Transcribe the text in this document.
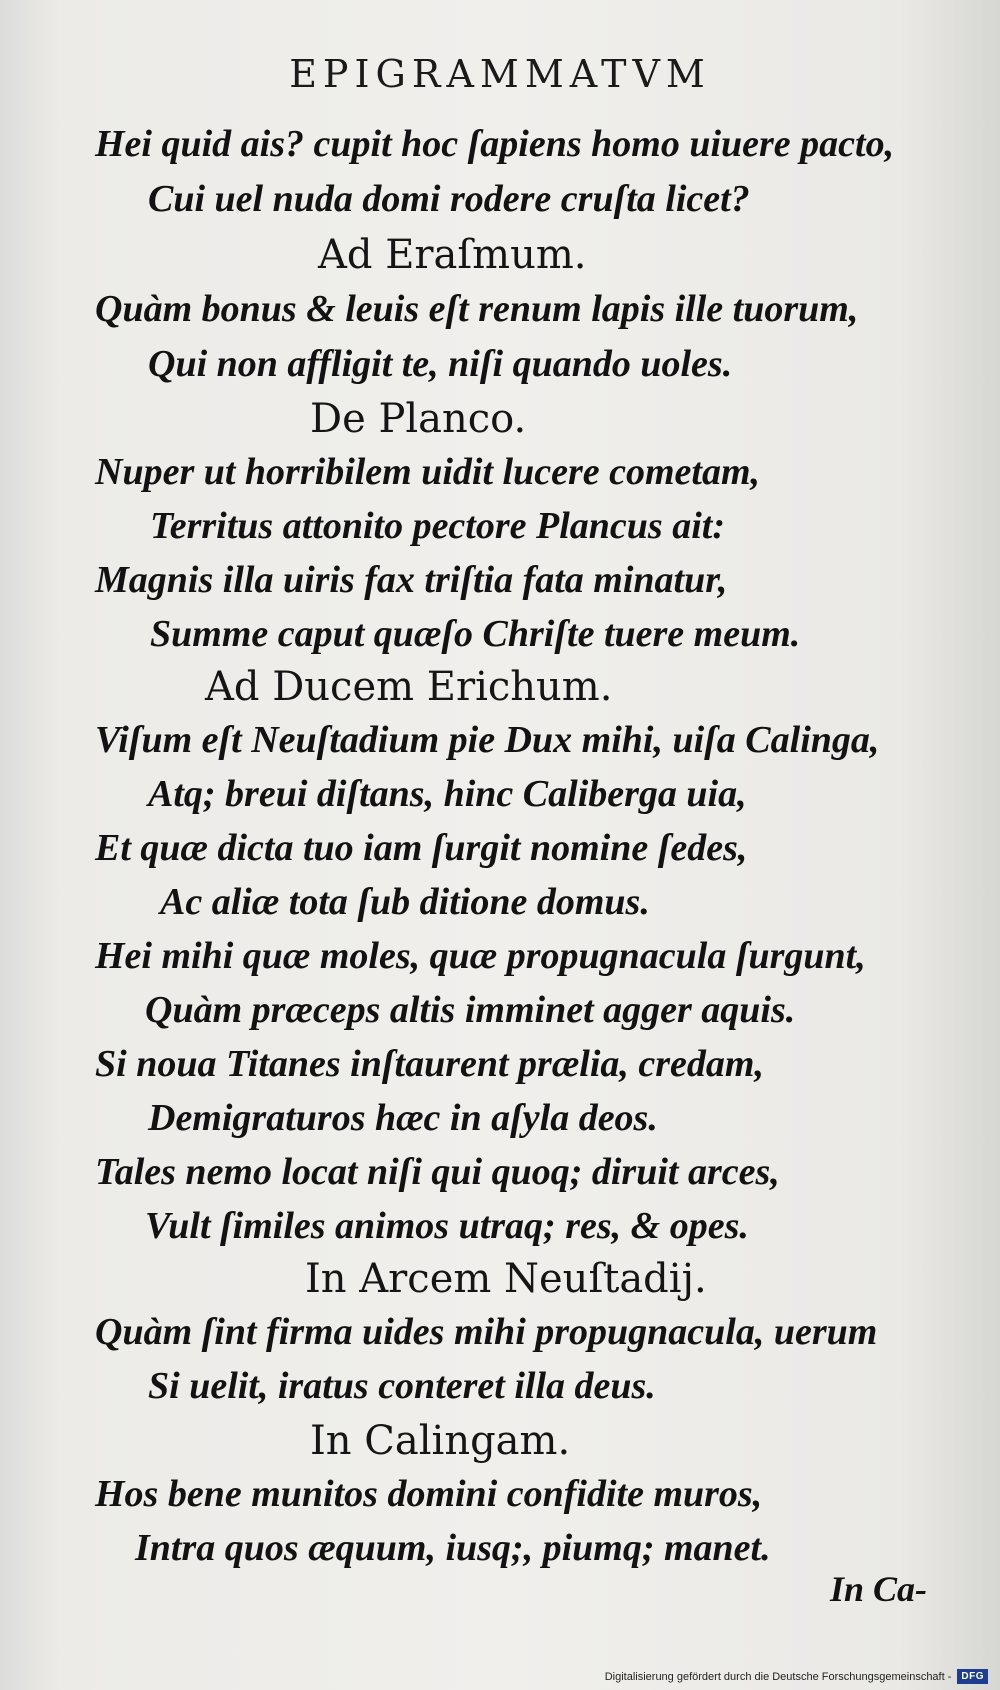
EPIGRAMMATVM
Hei quid ais? cupit hoc ſapiens homo uiuere pacto,
Cui uel nuda domi rodere cruſta licet?
Ad Eraſmum.
Quàm bonus & leuis eſt renum lapis ille tuorum,
Qui non affligit te, niſi quando uoles.
De Planco.
Nuper ut horribilem uidit lucere cometam,
Territus attonito pectore Plancus ait:
Magnis illa uiris fax triſtia fata minatur,
Summe caput quæſo Chriſte tuere meum.
Ad Ducem Erichum.
Viſum eſt Neuſtadium pie Dux mihi, uiſa Calinga,
Atq; breui diſtans, hinc Caliberga uia,
Et quæ dicta tuo iam ſurgit nomine ſedes,
Ac aliæ tota ſub ditione domus.
Hei mihi quæ moles, quæ propugnacula ſurgunt,
Quàm præceps altis imminet agger aquis.
Si noua Titanes inſtaurent prælia, credam,
Demigraturos hæc in aſyla deos.
Tales nemo locat niſi qui quoq; diruit arces,
Vult ſimiles animos utraq; res, & opes.
In Arcem Neuſtadij.
Quàm ſint firma uides mihi propugnacula, uerum
Si uelit, iratus conteret illa deus.
In Calingam.
Hos bene munitos domini confidite muros,
Intra quos æquum, iusq;, piumq; manet.
In Ca-
Digitalisierung gefördert durch die Deutsche Forschungsgemeinschaft -	DFG
